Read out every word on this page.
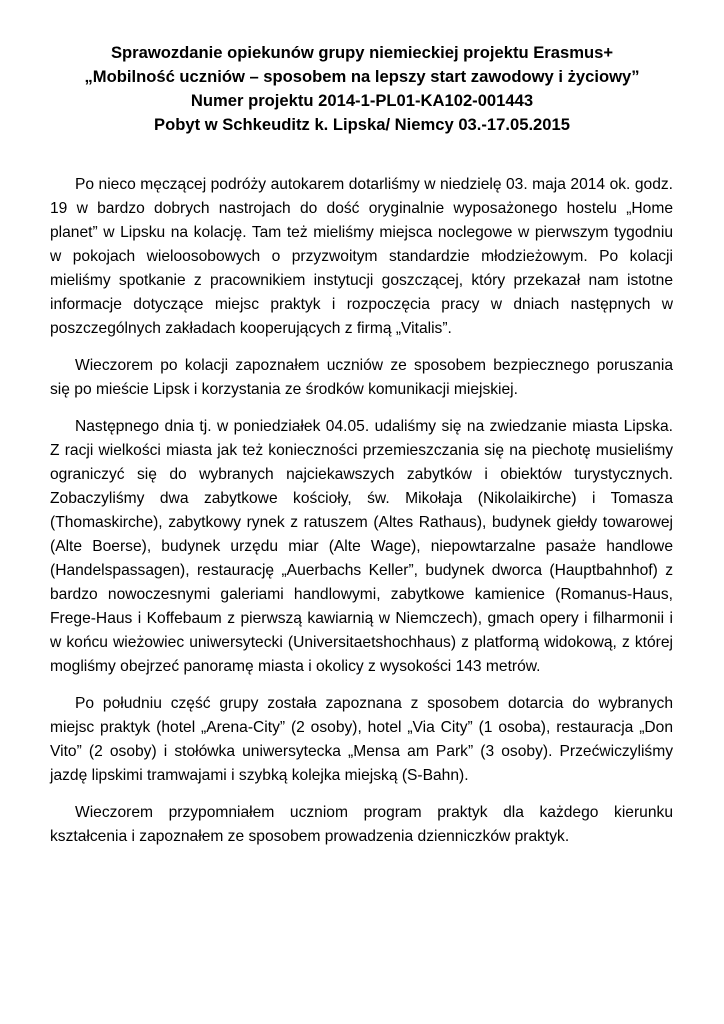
Sprawozdanie opiekunów grupy niemieckiej projektu Erasmus+
„Mobilność uczniów – sposobem na lepszy start zawodowy i życiowy”
Numer projektu 2014-1-PL01-KA102-001443
Pobyt w Schkeuditz k. Lipska/ Niemcy 03.-17.05.2015

Po nieco męczącej podróży autokarem dotarliśmy w niedzielę 03. maja 2014 ok. godz. 19 w bardzo dobrych nastrojach do dość oryginalnie wyposażonego hostelu „Home planet” w Lipsku na kolację. Tam też mieliśmy miejsca noclegowe w pierwszym tygodniu w pokojach wieloosobowych o przyzwoitym standardzie młodzieżowym. Po kolacji mieliśmy spotkanie z pracownikiem instytucji goszczącej, który przekazał nam istotne informacje dotyczące miejsc praktyk i rozpoczęcia pracy w dniach następnych w poszczególnych zakładach kooperujących z firmą „Vitalis”.

Wieczorem po kolacji zapoznałem uczniów ze sposobem bezpiecznego poruszania się po mieście Lipsk i korzystania ze środków komunikacji miejskiej.

Następnego dnia tj. w poniedziałek 04.05. udaliśmy się na zwiedzanie miasta Lipska. Z racji wielkości miasta jak też konieczności przemieszczania się na piechotę musieliśmy ograniczyć się do wybranych najciekawszych zabytków i obiektów turystycznych. Zobaczyliśmy dwa zabytkowe kościoły, św. Mikołaja (Nikolaikirche) i Tomasza (Thomaskirche), zabytkowy rynek z ratuszem (Altes Rathaus), budynek giełdy towarowej (Alte Boerse), budynek urzędu miar (Alte Wage), niepowtarzalne pasaże handlowe (Handelspassagen), restaurację „Auerbachs Keller”, budynek dworca (Hauptbahnhof) z bardzo nowoczesnymi galeriami handlowymi, zabytkowe kamienice (Romanus-Haus, Frege-Haus i Koffebaum z pierwszą kawiarnią w Niemczech), gmach opery i filharmonii i w końcu wieżowiec uniwersytecki (Universitaetshochhaus) z platformą widokową, z której mogliśmy obejrzeć panoramę miasta i okolicy z wysokości 143 metrów.

Po południu część grupy została zapoznana z sposobem dotarcia do wybranych miejsc praktyk (hotel „Arena-City” (2 osoby), hotel „Via City” (1 osoba), restauracja „Don Vito” (2 osoby) i stołówka uniwersytecka „Mensa am Park” (3 osoby). Przećwiczyliśmy jazdę lipskimi tramwajami i szybką kolejka miejską (S-Bahn).

Wieczorem przypomniałem uczniom program praktyk dla każdego kierunku kształcenia i zapoznałem ze sposobem prowadzenia dzienniczków praktyk.
